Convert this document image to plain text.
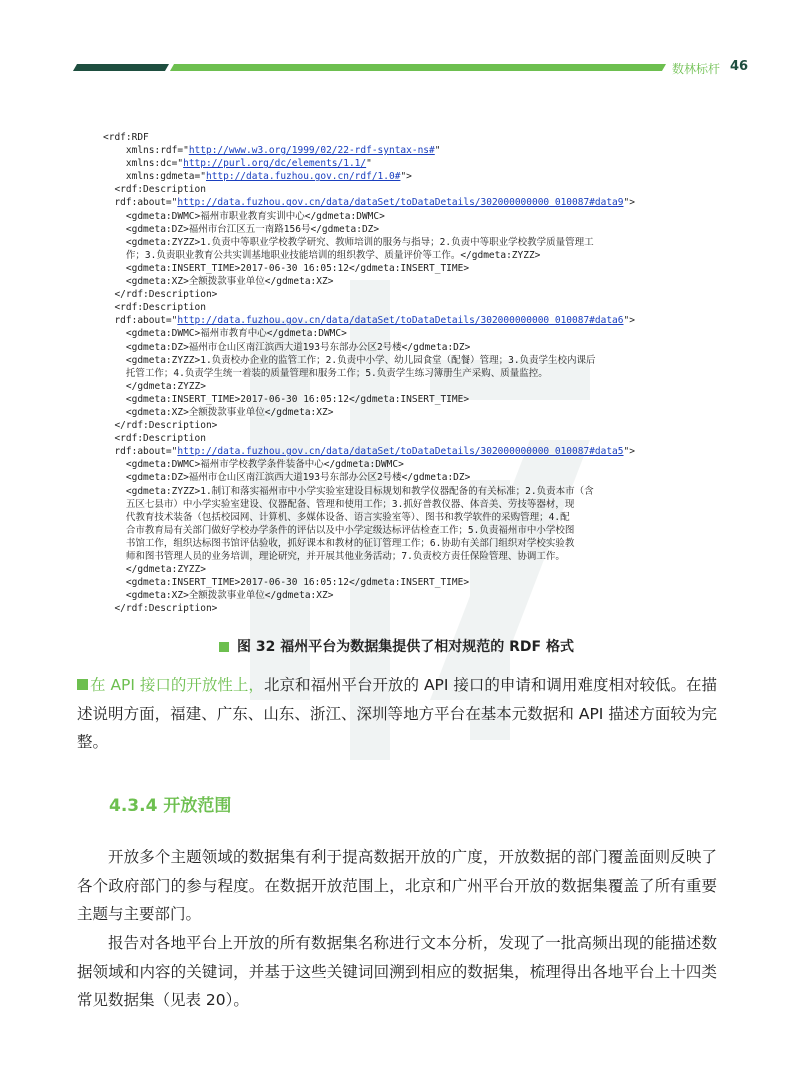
数林标杆 46
<rdf:RDF
xmlns:rdf="http://www.w3.org/1999/02/22-rdf-syntax-ns#"
xmlns:dc="http://purl.org/dc/elements/1.1/"
xmlns:gdmeta="http://data.fuzhou.gov.cn/rdf/1.0#">
<rdf:Description
rdf:about="http://data.fuzhou.gov.cn/data/dataSet/toDataDetails/302000000000 010087#data9">
<gdmeta:DWMC>福州市职业教育实训中心</gdmeta:DWMC>
<gdmeta:DZ>福州市台江区五一南路156号</gdmeta:DZ>
<gdmeta:ZYZZ>1.负责中等职业学校教学研究、教师培训的服务与指导；2.负责中等职业学校教学质量管理工
作；3.负责职业教育公共实训基地职业技能培训的组织教学、质量评价等工作。</gdmeta:ZYZZ>
<gdmeta:INSERT_TIME>2017-06-30 16:05:12</gdmeta:INSERT_TIME>
<gdmeta:XZ>全额拨款事业单位</gdmeta:XZ>
</rdf:Description>
<rdf:Description
rdf:about="http://data.fuzhou.gov.cn/data/dataSet/toDataDetails/302000000000 010087#data6">
<gdmeta:DWMC>福州市教育中心</gdmeta:DWMC>
<gdmeta:DZ>福州市仓山区南江滨西大道193号东部办公区2号楼</gdmeta:DZ>
<gdmeta:ZYZZ>1.负责校办企业的监管工作；2.负责中小学、幼儿园食堂（配餐）管理；3.负责学生校内课后
托管工作；4.负责学生统一着装的质量管理和服务工作；5.负责学生练习簿册生产采购、质量监控。
</gdmeta:ZYZZ>
<gdmeta:INSERT_TIME>2017-06-30 16:05:12</gdmeta:INSERT_TIME>
<gdmeta:XZ>全额拨款事业单位</gdmeta:XZ>
</rdf:Description>
<rdf:Description
rdf:about="http://data.fuzhou.gov.cn/data/dataSet/toDataDetails/302000000000 010087#data5">
<gdmeta:DWMC>福州市学校教学条件装备中心</gdmeta:DWMC>
<gdmeta:DZ>福州市仓山区南江滨西大道193号东部办公区2号楼</gdmeta:DZ>
<gdmeta:ZYZZ>1.制订和落实福州市中小学实验室建设目标规划和教学仪器配备的有关标准；2.负责本市（含
五区七县市）中小学实验室建设、仪器配备、管理和使用工作；3.抓好普教仪器、体音美、劳技等器材，现
代教育技术装备（包括校园网、计算机、多媒体设备、语言实验室等）、图书和教学软件的采购管理；4.配
合市教育局有关部门做好学校办学条件的评估以及中小学定级达标评估检查工作；5.负责福州市中小学校图
书馆工作，组织达标图书馆评估验收，抓好课本和教材的征订管理工作；6.协助有关部门组织对学校实验教
师和图书管理人员的业务培训，理论研究，并开展其他业务活动；7.负责校方责任保险管理、协调工作。
</gdmeta:ZYZZ>
<gdmeta:INSERT_TIME>2017-06-30 16:05:12</gdmeta:INSERT_TIME>
<gdmeta:XZ>全额拨款事业单位</gdmeta:XZ>
</rdf:Description>
图 32 福州平台为数据集提供了相对规范的 RDF 格式
在 API 接口的开放性上，北京和福州平台开放的 API 接口的申请和调用难度相对较低。在描述说明方面，福建、广东、山东、浙江、深圳等地方平台在基本元数据和 API 描述方面较为完整。
4.3.4 开放范围
开放多个主题领域的数据集有利于提高数据开放的广度，开放数据的部门覆盖面则反映了各个政府部门的参与程度。在数据开放范围上，北京和广州平台开放的数据集覆盖了所有重要主题与主要部门。
报告对各地平台上开放的所有数据集名称进行文本分析，发现了一批高频出现的能描述数据领域和内容的关键词，并基于这些关键词回溯到相应的数据集，梳理得出各地平台上十四类常见数据集（见表 20）。
